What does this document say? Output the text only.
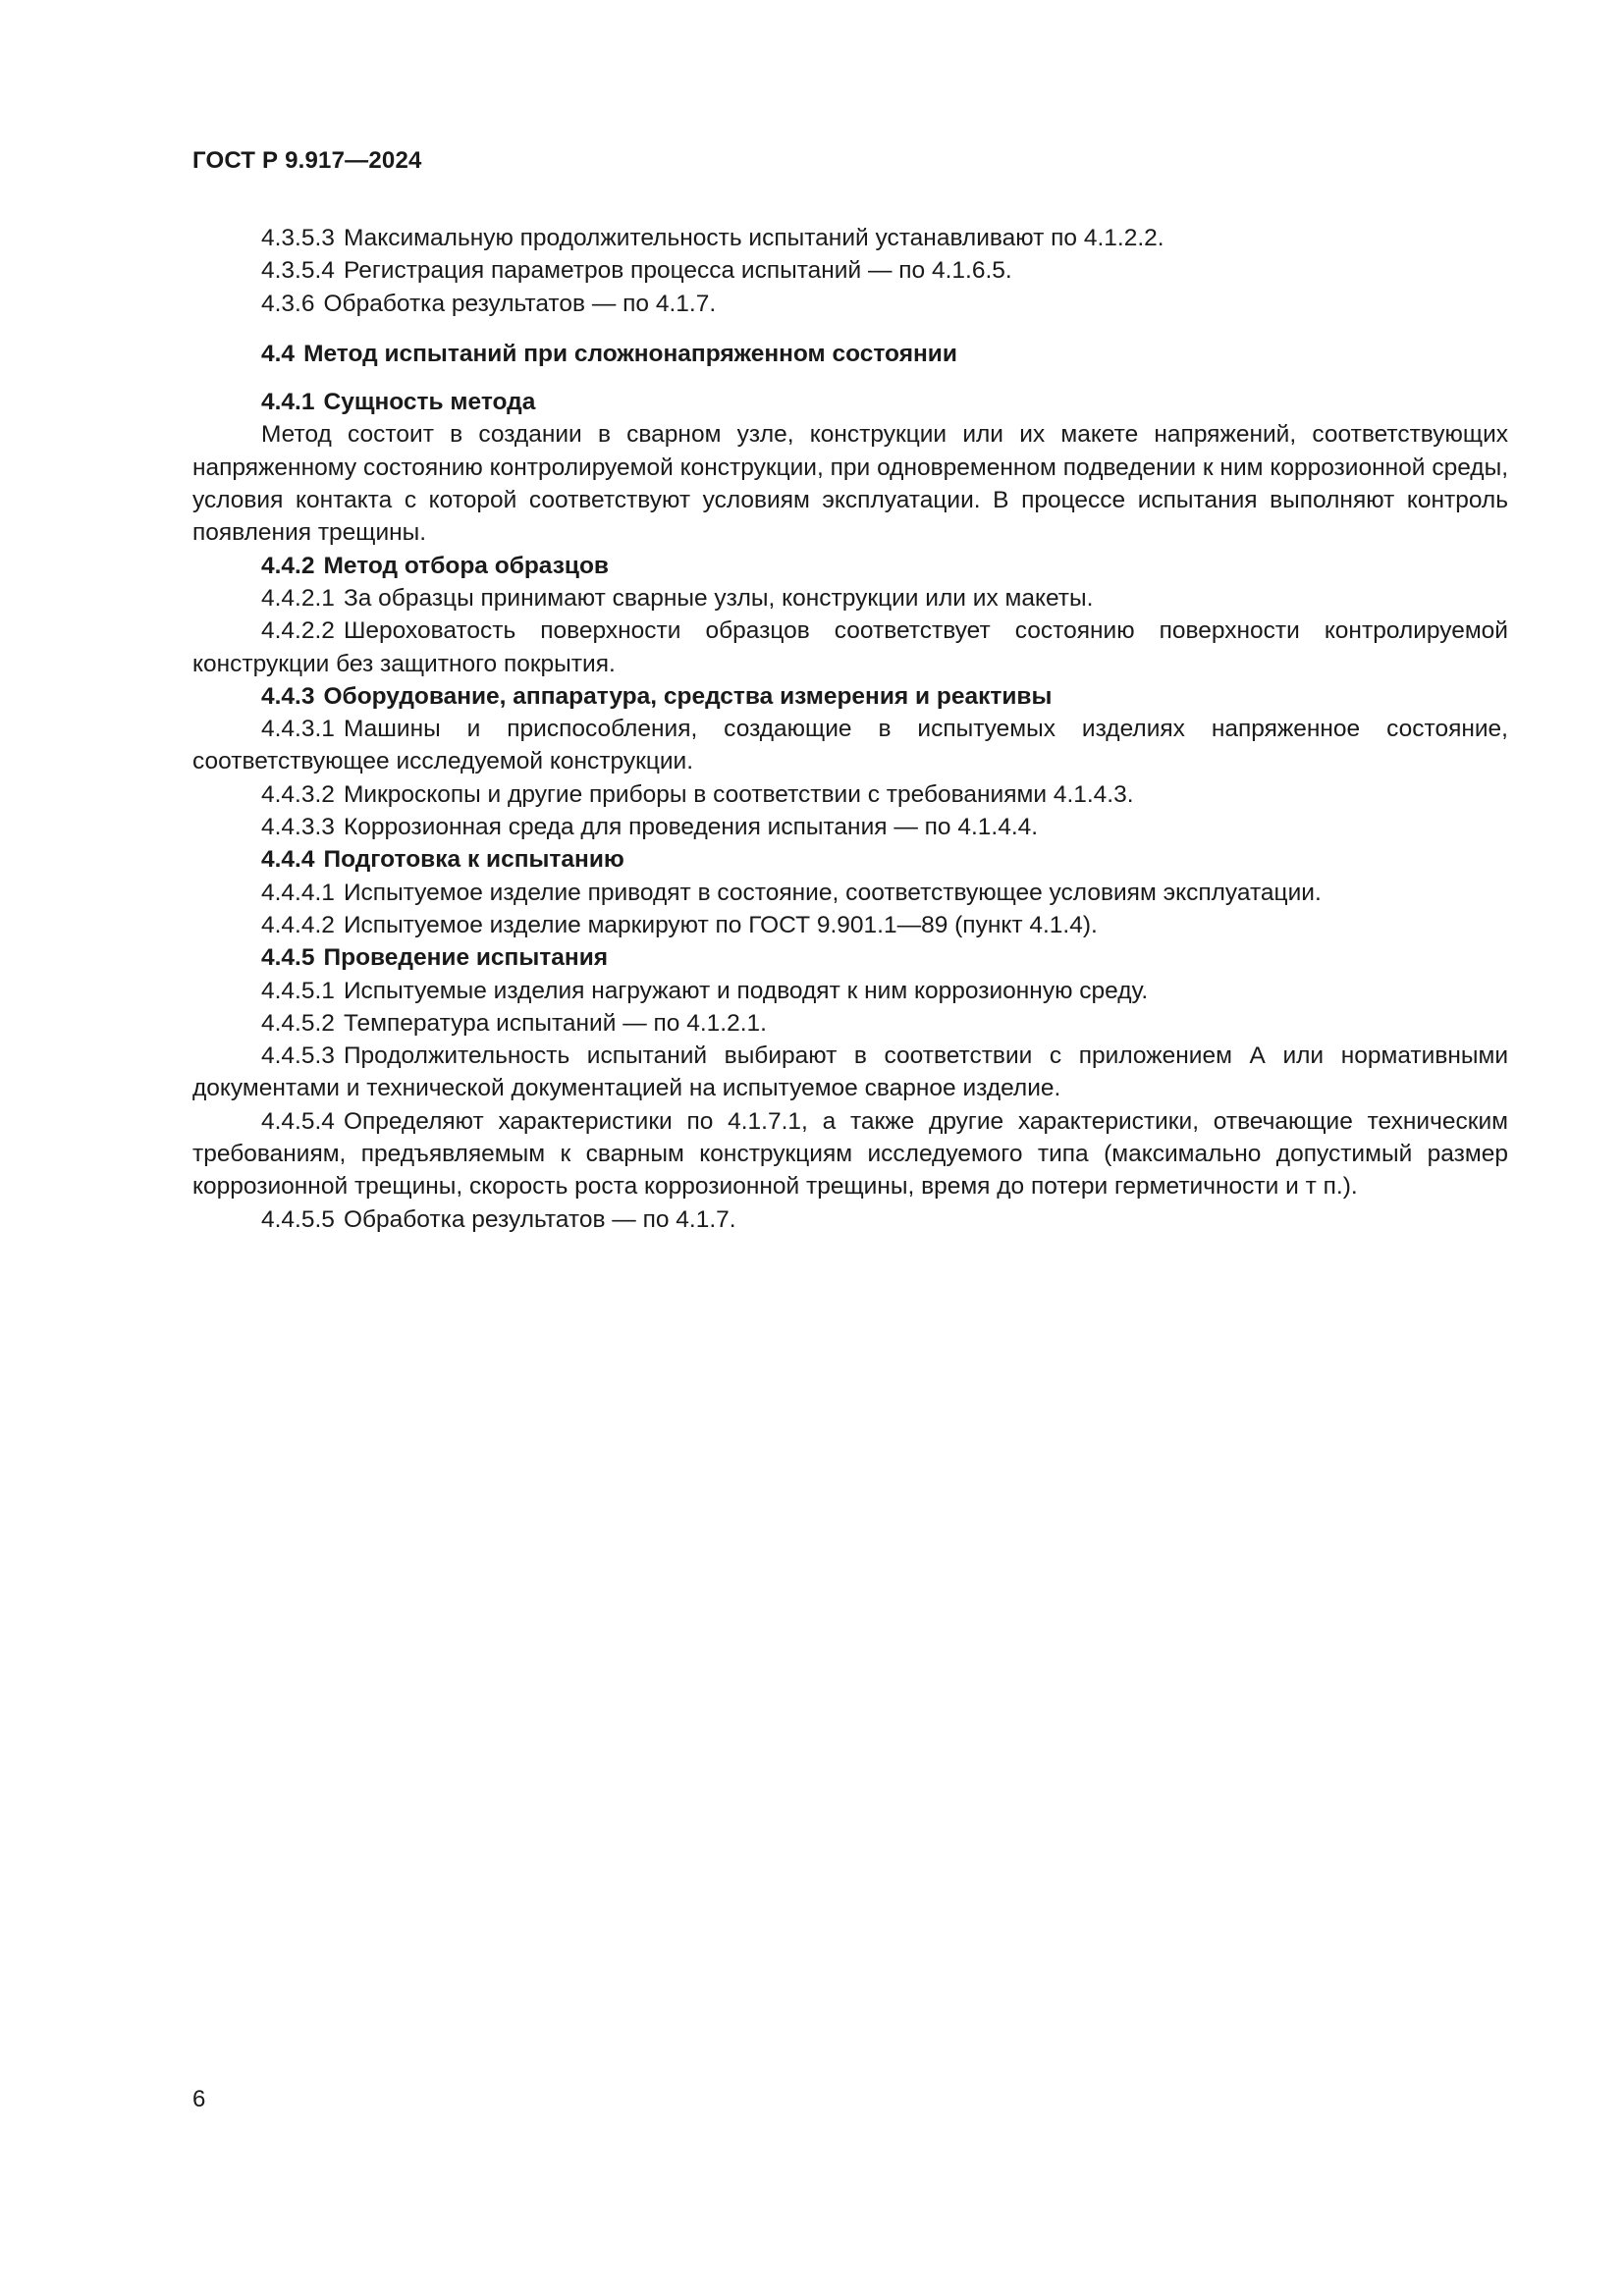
ГОСТ Р 9.917—2024

4.3.5.3 Максимальную продолжительность испытаний устанавливают по 4.1.2.2.

4.3.5.4 Регистрация параметров процесса испытаний — по 4.1.6.5.

4.3.6 Обработка результатов — по 4.1.7.

4.4 Метод испытаний при сложнонапряженном состоянии

4.4.1 Сущность метода

Метод состоит в создании в сварном узле, конструкции или их макете напряжений, соответствующих напряженному состоянию контролируемой конструкции, при одновременном подведении к ним коррозионной среды, условия контакта с которой соответствуют условиям эксплуатации. В процессе испытания выполняют контроль появления трещины.

4.4.2 Метод отбора образцов

4.4.2.1 За образцы принимают сварные узлы, конструкции или их макеты.

4.4.2.2 Шероховатость поверхности образцов соответствует состоянию поверхности контролируемой конструкции без защитного покрытия.

4.4.3 Оборудование, аппаратура, средства измерения и реактивы

4.4.3.1 Машины и приспособления, создающие в испытуемых изделиях напряженное состояние, соответствующее исследуемой конструкции.

4.4.3.2 Микроскопы и другие приборы в соответствии с требованиями 4.1.4.3.

4.4.3.3 Коррозионная среда для проведения испытания — по 4.1.4.4.

4.4.4 Подготовка к испытанию

4.4.4.1 Испытуемое изделие приводят в состояние, соответствующее условиям эксплуатации.

4.4.4.2 Испытуемое изделие маркируют по ГОСТ 9.901.1—89 (пункт 4.1.4).

4.4.5 Проведение испытания

4.4.5.1 Испытуемые изделия нагружают и подводят к ним коррозионную среду.

4.4.5.2 Температура испытаний — по 4.1.2.1.

4.4.5.3 Продолжительность испытаний выбирают в соответствии с приложением А или нормативными документами и технической документацией на испытуемое сварное изделие.

4.4.5.4 Определяют характеристики по 4.1.7.1, а также другие характеристики, отвечающие техническим требованиям, предъявляемым к сварным конструкциям исследуемого типа (максимально допустимый размер коррозионной трещины, скорость роста коррозионной трещины, время до потери герметичности и т п.).

4.4.5.5 Обработка результатов — по 4.1.7.

6
